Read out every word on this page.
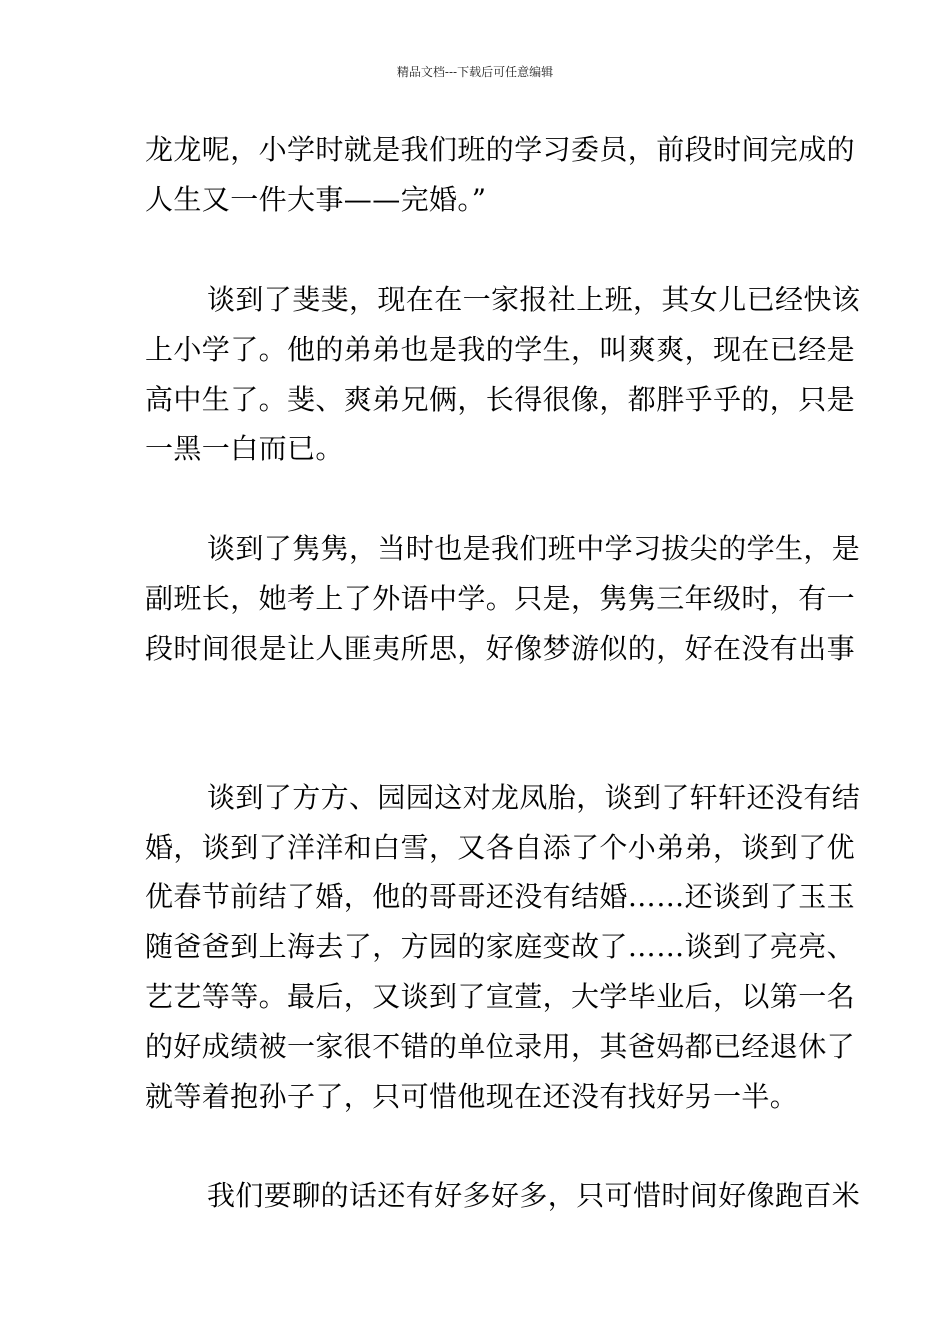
精品文档---下载后可任意编辑
龙龙呢，小学时就是我们班的学习委员，前段时间完成的
人生又一件大事——完婚。”
谈到了斐斐，现在在一家报社上班，其女儿已经快该
上小学了。他的弟弟也是我的学生，叫爽爽，现在已经是
高中生了。斐、爽弟兄俩，长得很像，都胖乎乎的，只是
一黑一白而已。
谈到了隽隽，当时也是我们班中学习拔尖的学生，是
副班长，她考上了外语中学。只是，隽隽三年级时，有一
段时间很是让人匪夷所思，好像梦游似的，好在没有出事
谈到了方方、园园这对龙凤胎，谈到了轩轩还没有结
婚，谈到了洋洋和白雪，又各自添了个小弟弟，谈到了优
优春节前结了婚，他的哥哥还没有结婚……还谈到了玉玉
随爸爸到上海去了，方园的家庭变故了……谈到了亮亮、
艺艺等等。最后，又谈到了宣萱，大学毕业后，以第一名
的好成绩被一家很不错的单位录用，其爸妈都已经退休了
就等着抱孙子了，只可惜他现在还没有找好另一半。
我们要聊的话还有好多好多，只可惜时间好像跑百米
